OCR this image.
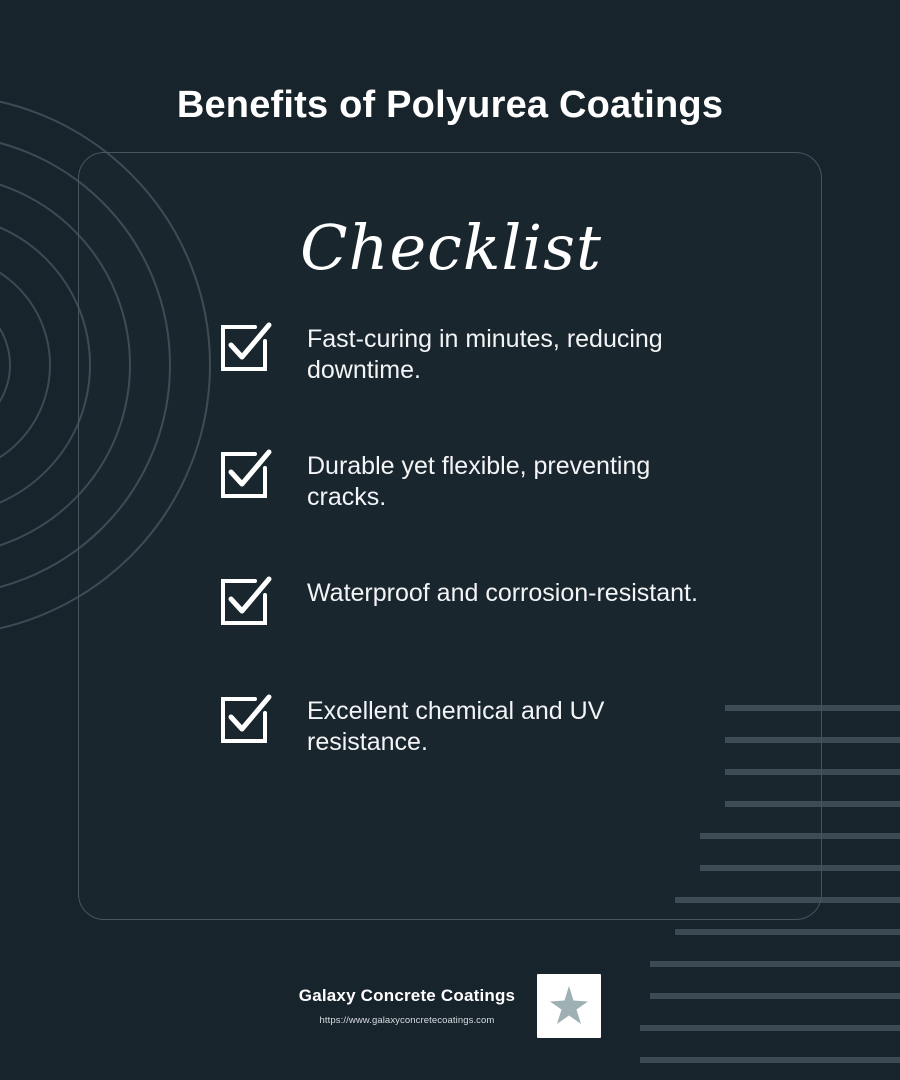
Benefits of Polyurea Coatings
Checklist
Fast-curing in minutes, reducing downtime.
Durable yet flexible, preventing cracks.
Waterproof and corrosion-resistant.
Excellent chemical and UV resistance.
Galaxy Concrete Coatings
https://www.galaxyconcretecoatings.com
